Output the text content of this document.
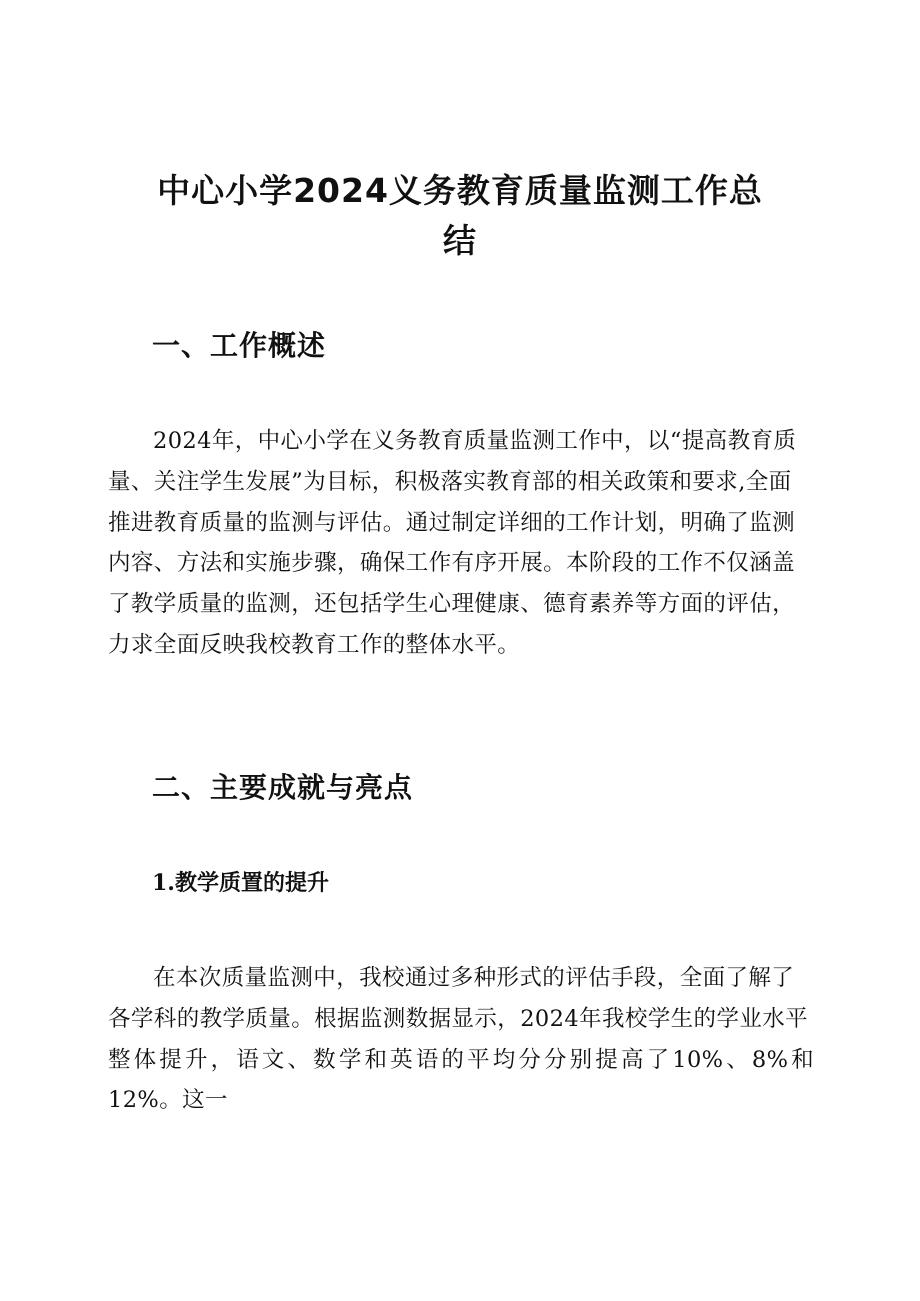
中心小学2024义务教育质量监测工作总
结
一、工作概述
2024年，中心小学在义务教育质量监测工作中，以“提高教育质
量、关注学生发展”为目标，积极落实教育部的相关政策和要求,全面
推进教育质量的监测与评估。通过制定详细的工作计划，明确了监测
内容、方法和实施步骤，确保工作有序开展。本阶段的工作不仅涵盖
了教学质量的监测，还包括学生心理健康、德育素养等方面的评估，
力求全面反映我校教育工作的整体水平。
二、主要成就与亮点
1.教学质置的提升
在本次质量监测中，我校通过多种形式的评估手段，全面了解了
各学科的教学质量。根据监测数据显示，2024年我校学生的学业水平
整体提升，语文、数学和英语的平均分分别提高了10%、8%和12%。这一
